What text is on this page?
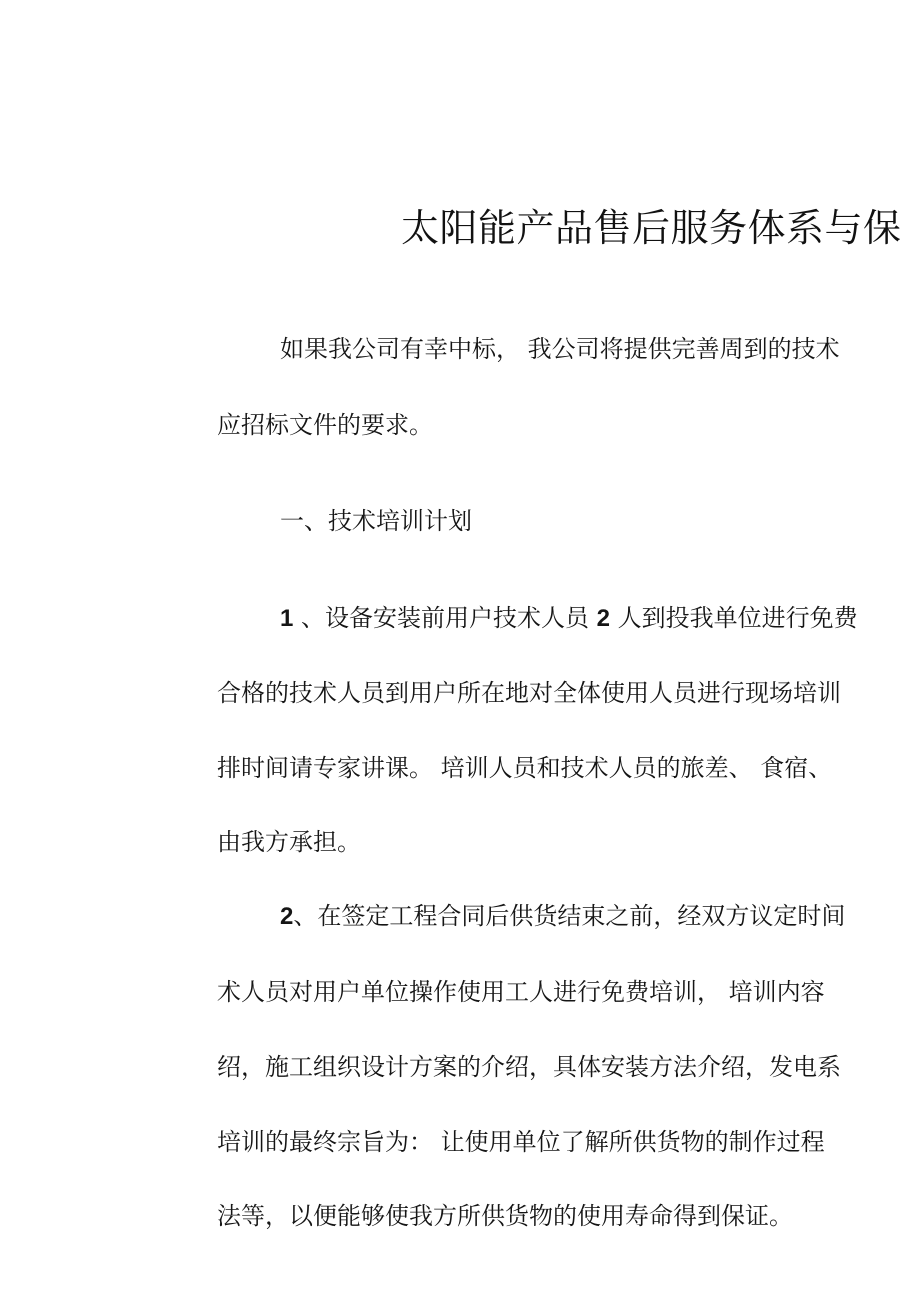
太阳能产品售后服务体系与保
如果我公司有幸中标， 我公司将提供完善周到的技术
应招标文件的要求。
一、技术培训计划
1 、设备安装前用户技术人员 2 人到投我单位进行免费
合格的技术人员到用户所在地对全体使用人员进行现场培训
排时间请专家讲课。 培训人员和技术人员的旅差、 食宿、
由我方承担。
2、在签定工程合同后供货结束之前，经双方议定时间
术人员对用户单位操作使用工人进行免费培训， 培训内容
绍，施工组织设计方案的介绍，具体安装方法介绍，发电系
培训的最终宗旨为： 让使用单位了解所供货物的制作过程
法等，以便能够使我方所供货物的使用寿命得到保证。
